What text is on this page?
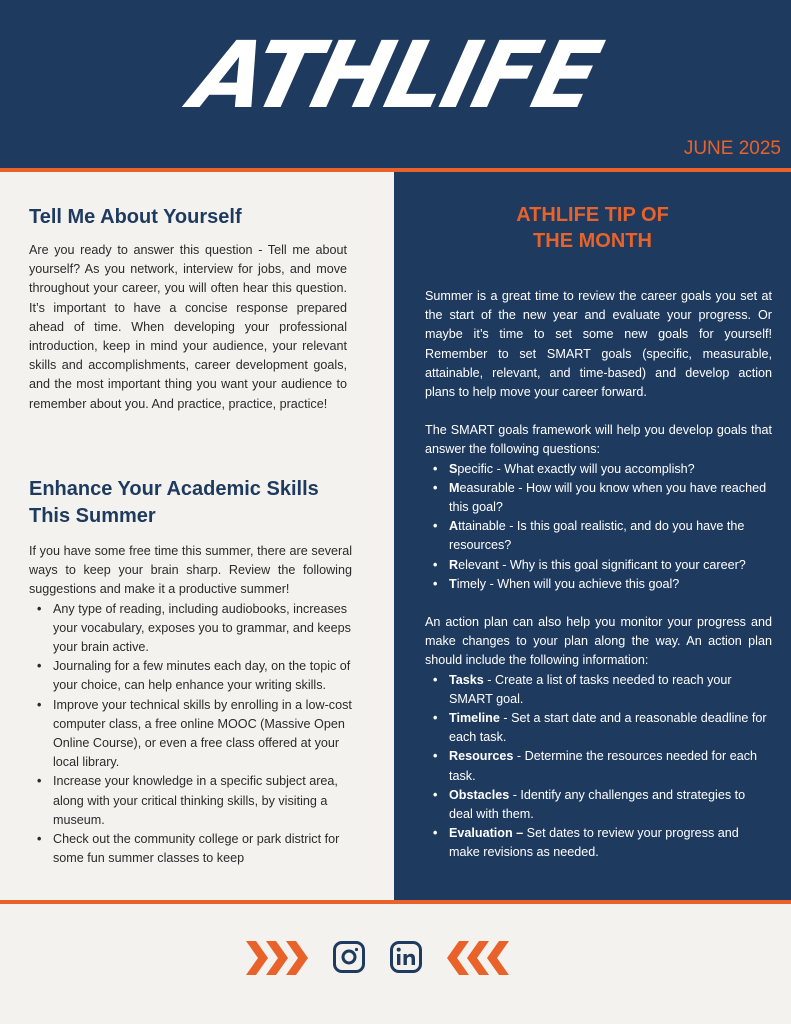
ATHLIFE
JUNE 2025
Tell Me About Yourself

Are you ready to answer this question - Tell me about yourself? As you network, interview for jobs, and move throughout your career, you will often hear this question. It’s important to have a concise response prepared ahead of time. When developing your professional introduction, keep in mind your audience, your relevant skills and accomplishments, career development goals, and the most important thing you want your audience to remember about you. And practice, practice, practice!

Enhance Your Academic Skills This Summer

If you have some free time this summer, there are several ways to keep your brain sharp. Review the following suggestions and make it a productive summer!

• Any type of reading, including audiobooks, increases your vocabulary, exposes you to grammar, and keeps your brain active.
• Journaling for a few minutes each day, on the topic of your choice, can help enhance your writing skills.
• Improve your technical skills by enrolling in a low-cost computer class, a free online MOOC (Massive Open Online Course), or even a free class offered at your local library.
• Increase your knowledge in a specific subject area, along with your critical thinking skills, by visiting a museum.
• Check out the community college or park district for some fun summer classes to keep
ATHLIFE TIP OF
THE MONTH

Summer is a great time to review the career goals you set at the start of the new year and evaluate your progress. Or maybe it’s time to set some new goals for yourself! Remember to set SMART goals (specific, measurable, attainable, relevant, and time-based) and develop action plans to help move your career forward.

The SMART goals framework will help you develop goals that answer the following questions:

• Specific - What exactly will you accomplish?
• Measurable - How will you know when you have reached this goal?
• Attainable - Is this goal realistic, and do you have the resources?
• Relevant - Why is this goal significant to your career?
• Timely - When will you achieve this goal?

An action plan can also help you monitor your progress and make changes to your plan along the way. An action plan should include the following information:

• Tasks - Create a list of tasks needed to reach your SMART goal.
• Timeline - Set a start date and a reasonable deadline for each task.
• Resources - Determine the resources needed for each task.
• Obstacles - Identify any challenges and strategies to deal with them.
• Evaluation – Set dates to review your progress and make revisions as needed.
